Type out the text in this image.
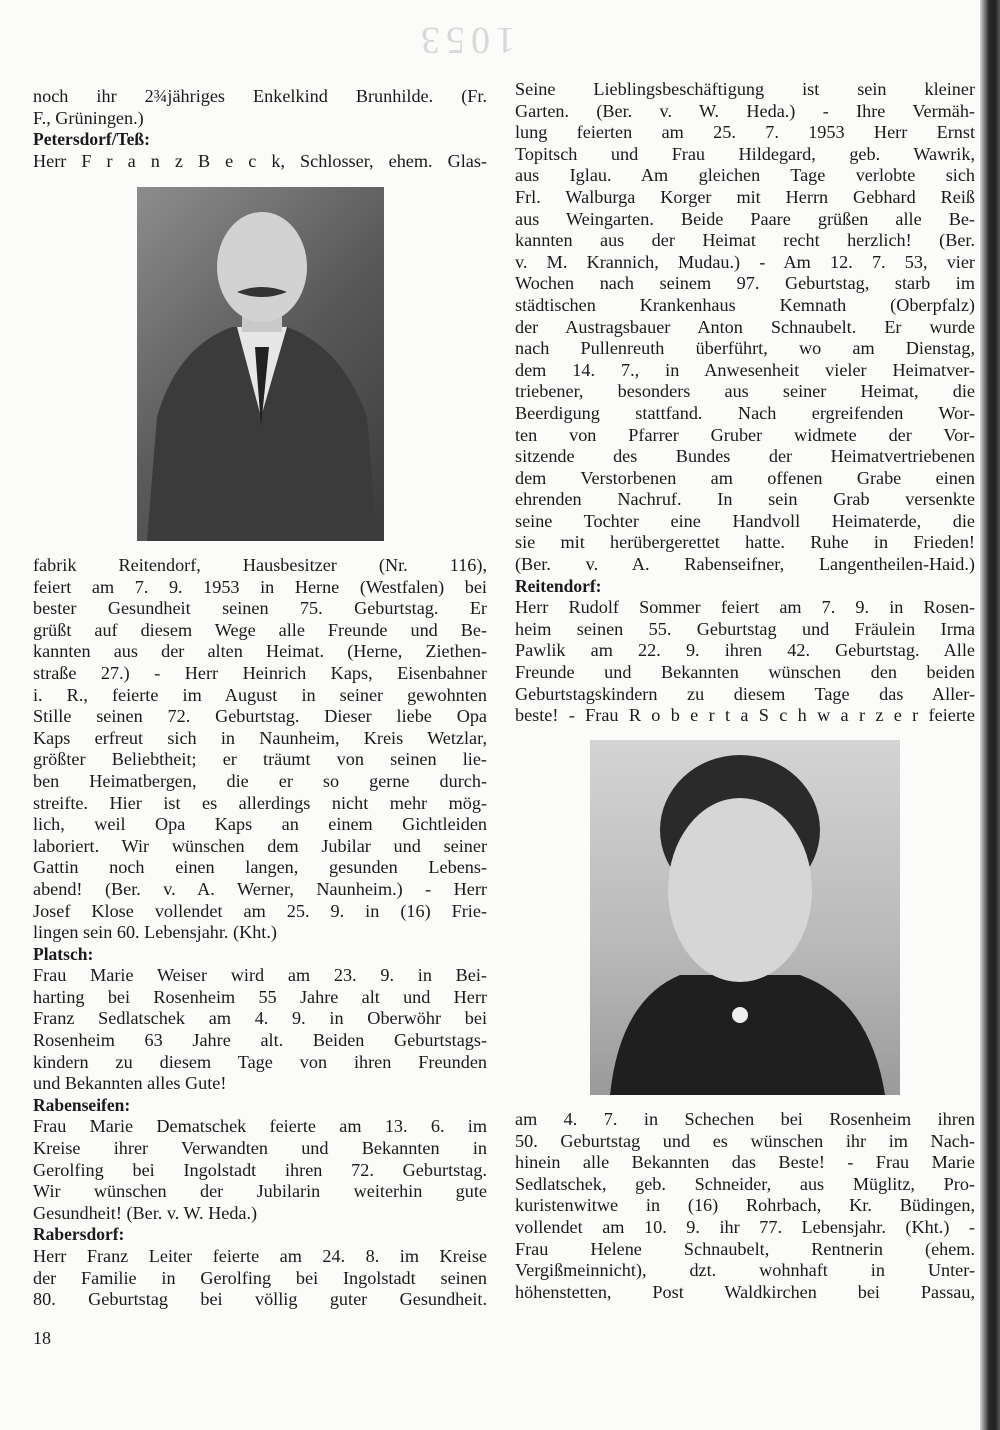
1053
noch ihr 2¾jähriges Enkelkind Brunhilde. (Fr.
F., Grüningen.)
Petersdorf/Teß:
Herr F r a n z B e c k, Schlosser, ehem. Glas-
fabrik Reitendorf, Hausbesitzer (Nr. 116),
feiert am 7. 9. 1953 in Herne (Westfalen) bei
bester Gesundheit seinen 75. Geburtstag. Er
grüßt auf diesem Wege alle Freunde und Be-
kannten aus der alten Heimat. (Herne, Ziethen-
straße 27.) - Herr Heinrich Kaps, Eisenbahner
i. R., feierte im August in seiner gewohnten
Stille seinen 72. Geburtstag. Dieser liebe Opa
Kaps erfreut sich in Naunheim, Kreis Wetzlar,
größter Beliebtheit; er träumt von seinen lie-
ben Heimatbergen, die er so gerne durch-
streifte. Hier ist es allerdings nicht mehr mög-
lich, weil Opa Kaps an einem Gichtleiden
laboriert. Wir wünschen dem Jubilar und seiner
Gattin noch einen langen, gesunden Lebens-
abend! (Ber. v. A. Werner, Naunheim.) - Herr
Josef Klose vollendet am 25. 9. in (16) Frie-
lingen sein 60. Lebensjahr. (Kht.)
Platsch:
Frau Marie Weiser wird am 23. 9. in Bei-
harting bei Rosenheim 55 Jahre alt und Herr
Franz Sedlatschek am 4. 9. in Oberwöhr bei
Rosenheim 63 Jahre alt. Beiden Geburtstags-
kindern zu diesem Tage von ihren Freunden
und Bekannten alles Gute!
Rabenseifen:
Frau Marie Dematschek feierte am 13. 6. im
Kreise ihrer Verwandten und Bekannten in
Gerolfing bei Ingolstadt ihren 72. Geburtstag.
Wir wünschen der Jubilarin weiterhin gute
Gesundheit! (Ber. v. W. Heda.)
Rabersdorf:
Herr Franz Leiter feierte am 24. 8. im Kreise
der Familie in Gerolfing bei Ingolstadt seinen
80. Geburtstag bei völlig guter Gesundheit.
Seine Lieblingsbeschäftigung ist sein kleiner
Garten. (Ber. v. W. Heda.) - Ihre Vermäh-
lung feierten am 25. 7. 1953 Herr Ernst
Topitsch und Frau Hildegard, geb. Wawrik,
aus Iglau. Am gleichen Tage verlobte sich
Frl. Walburga Korger mit Herrn Gebhard Reiß
aus Weingarten. Beide Paare grüßen alle Be-
kannten aus der Heimat recht herzlich! (Ber.
v. M. Krannich, Mudau.) - Am 12. 7. 53, vier
Wochen nach seinem 97. Geburtstag, starb im
städtischen Krankenhaus Kemnath (Oberpfalz)
der Austragsbauer Anton Schnaubelt. Er wurde
nach Pullenreuth überführt, wo am Dienstag,
dem 14. 7., in Anwesenheit vieler Heimatver-
triebener, besonders aus seiner Heimat, die
Beerdigung stattfand. Nach ergreifenden Wor-
ten von Pfarrer Gruber widmete der Vor-
sitzende des Bundes der Heimatvertriebenen
dem Verstorbenen am offenen Grabe einen
ehrenden Nachruf. In sein Grab versenkte
seine Tochter eine Handvoll Heimaterde, die
sie mit herübergerettet hatte. Ruhe in Frieden!
(Ber. v. A. Rabenseifner, Langentheilen-Haid.)
Reitendorf:
Herr Rudolf Sommer feiert am 7. 9. in Rosen-
heim seinen 55. Geburtstag und Fräulein Irma
Pawlik am 22. 9. ihren 42. Geburtstag. Alle
Freunde und Bekannten wünschen den beiden
Geburtstagskindern zu diesem Tage das Aller-
beste! - Frau R o b e r t a S c h w a r z e r feierte
am 4. 7. in Schechen bei Rosenheim ihren
50. Geburtstag und es wünschen ihr im Nach-
hinein alle Bekannten das Beste! - Frau Marie
Sedlatschek, geb. Schneider, aus Müglitz, Pro-
kuristenwitwe in (16) Rohrbach, Kr. Büdingen,
vollendet am 10. 9. ihr 77. Lebensjahr. (Kht.) -
Frau Helene Schnaubelt, Rentnerin (ehem.
Vergißmeinnicht), dzt. wohnhaft in Unter-
höhenstetten, Post Waldkirchen bei Passau,
18
